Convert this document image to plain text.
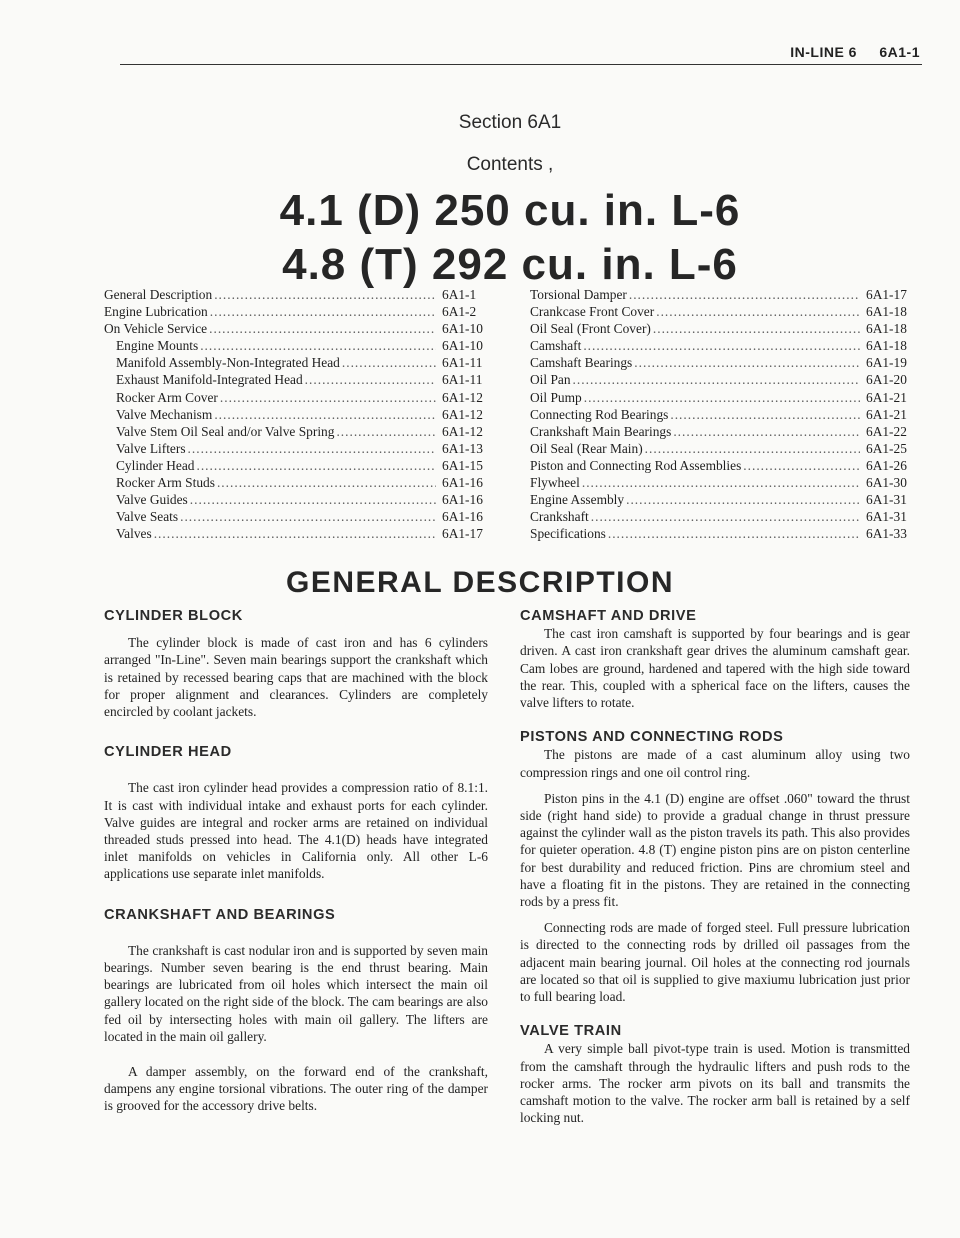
IN-LINE 6 6A1-1
Section 6A1
Contents ,
4.1 (D) 250 cu. in. L-6
4.8 (T) 292 cu. in. L-6
General Description .....	6A1-1
Engine Lubrication .....	6A1-2
On Vehicle Service .....	6A1-10
Engine Mounts .....	6A1-10
Manifold Assembly-Non-Integrated Head .....	6A1-11
Exhaust Manifold-Integrated Head .....	6A1-11
Rocker Arm Cover .....	6A1-12
Valve Mechanism .....	6A1-12
Valve Stem Oil Seal and/or Valve Spring .....	6A1-12
Valve Lifters .....	6A1-13
Cylinder Head .....	6A1-15
Rocker Arm Studs .....	6A1-16
Valve Guides .....	6A1-16
Valve Seats .....	6A1-16
Valves .....	6A1-17
Torsional Damper .....	6A1-17
Crankcase Front Cover .....	6A1-18
Oil Seal (Front Cover) .....	6A1-18
Camshaft .....	6A1-18
Camshaft Bearings .....	6A1-19
Oil Pan .....	6A1-20
Oil Pump .....	6A1-21
Connecting Rod Bearings .....	6A1-21
Crankshaft Main Bearings .....	6A1-22
Oil Seal (Rear Main) .....	6A1-25
Piston and Connecting Rod Assemblies .....	6A1-26
Flywheel .....	6A1-30
Engine Assembly .....	6A1-31
Crankshaft .....	6A1-31
Specifications .....	6A1-33
GENERAL DESCRIPTION
CYLINDER BLOCK

The cylinder block is made of cast iron and has 6 cylinders arranged "In-Line". Seven main bearings support the crankshaft which is retained by recessed bearing caps that are machined with the block for proper alignment and clearances. Cylinders are completely encircled by coolant jackets.

CYLINDER HEAD

The cast iron cylinder head provides a compression ratio of 8.1:1. It is cast with individual intake and exhaust ports for each cylinder. Valve guides are integral and rocker arms are retained on individual threaded studs pressed into head. The 4.1(D) heads have integrated inlet manifolds on vehicles in California only. All other L-6 applications use separate inlet manifolds.

CRANKSHAFT AND BEARINGS

The crankshaft is cast nodular iron and is supported by seven main bearings. Number seven bearing is the end thrust bearing. Main bearings are lubricated from oil holes which intersect the main oil gallery located on the right side of the block. The cam bearings are also fed oil by intersecting holes with main oil gallery. The lifters are located in the main oil gallery.

A damper assembly, on the forward end of the crankshaft, dampens any engine torsional vibrations. The outer ring of the damper is grooved for the accessory drive belts.

CAMSHAFT AND DRIVE

The cast iron camshaft is supported by four bearings and is gear driven. A cast iron crankshaft gear drives the aluminum camshaft gear. Cam lobes are ground, hardened and tapered with the high side toward the rear. This, coupled with a spherical face on the lifters, causes the valve lifters to rotate.

PISTONS AND CONNECTING RODS

The pistons are made of a cast aluminum alloy using two compression rings and one oil control ring.

Piston pins in the 4.1 (D) engine are offset .060" toward the thrust side (right hand side) to provide a gradual change in thrust pressure against the cylinder wall as the piston travels its path. This also provides for quieter operation. 4.8 (T) engine piston pins are on piston centerline for best durability and reduced friction. Pins are chromium steel and have a floating fit in the pistons. They are retained in the connecting rods by a press fit.

Connecting rods are made of forged steel. Full pressure lubrication is directed to the connecting rods by drilled oil passages from the adjacent main bearing journal. Oil holes at the connecting rod journals are located so that oil is supplied to give maxiumu lubrication just prior to full bearing load.

VALVE TRAIN

A very simple ball pivot-type train is used. Motion is transmitted from the camshaft through the hydraulic lifters and push rods to the rocker arms. The rocker arm pivots on its ball and transmits the camshaft motion to the valve. The rocker arm ball is retained by a self locking nut.
